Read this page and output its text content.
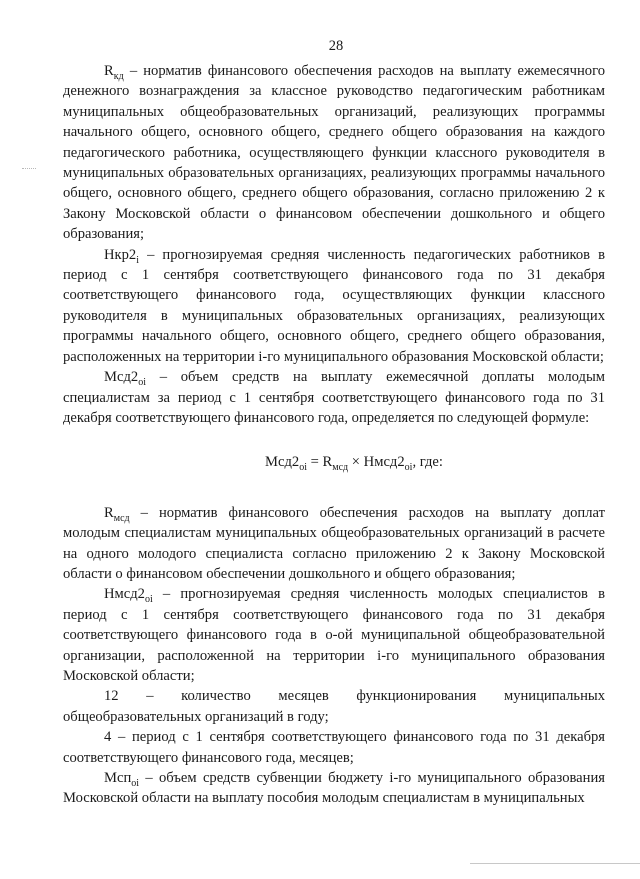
28

$R_{кд}$ – норматив финансового обеспечения расходов на выплату ежемесячного денежного вознаграждения за классное руководство педагогическим работникам муниципальных общеобразовательных организаций, реализующих программы начального общего, основного общего, среднего общего образования на каждого педагогического работника, осуществляющего функции классного руководителя в муниципальных образовательных организациях, реализующих программы начального общего, основного общего, среднего общего образования, согласно приложению 2 к Закону Московской области о финансовом обеспечении дошкольного и общего образования;

$Нкр2_i$ – прогнозируемая средняя численность педагогических работников в период с 1 сентября соответствующего финансового года по 31 декабря соответствующего финансового года, осуществляющих функции классного руководителя в муниципальных образовательных организациях, реализующих программы начального общего, основного общего, среднего общего образования, расположенных на территории i-го муниципального образования Московской области;

$Мсд2_{oi}$ – объем средств на выплату ежемесячной доплаты молодым специалистам за период с 1 сентября соответствующего финансового года по 31 декабря соответствующего финансового года, определяется по следующей формуле:

$Мсд2_{oi} = R_{мсд}$ × $Нмсд2_{oi}$, где:

$R_{мсд}$ – норматив финансового обеспечения расходов на выплату доплат молодым специалистам муниципальных общеобразовательных организаций в расчете на одного молодого специалиста согласно приложению 2 к Закону Московской области о финансовом обеспечении дошкольного и общего образования;

$Нмсд2_{oi}$ – прогнозируемая средняя численность молодых специалистов в период с 1 сентября соответствующего финансового года по 31 декабря соответствующего финансового года в о-ой муниципальной общеобразовательной организации, расположенной на территории i-го муниципального образования Московской области;

12 – количество месяцев функционирования муниципальных общеобразовательных организаций в году;

4 – период с 1 сентября соответствующего финансового года по 31 декабря соответствующего финансового года, месяцев;

Мсп$_{oi}$ – объем средств субвенции бюджету i-го муниципального образования Московской области на выплату пособия молодым специалистам в муниципальных
